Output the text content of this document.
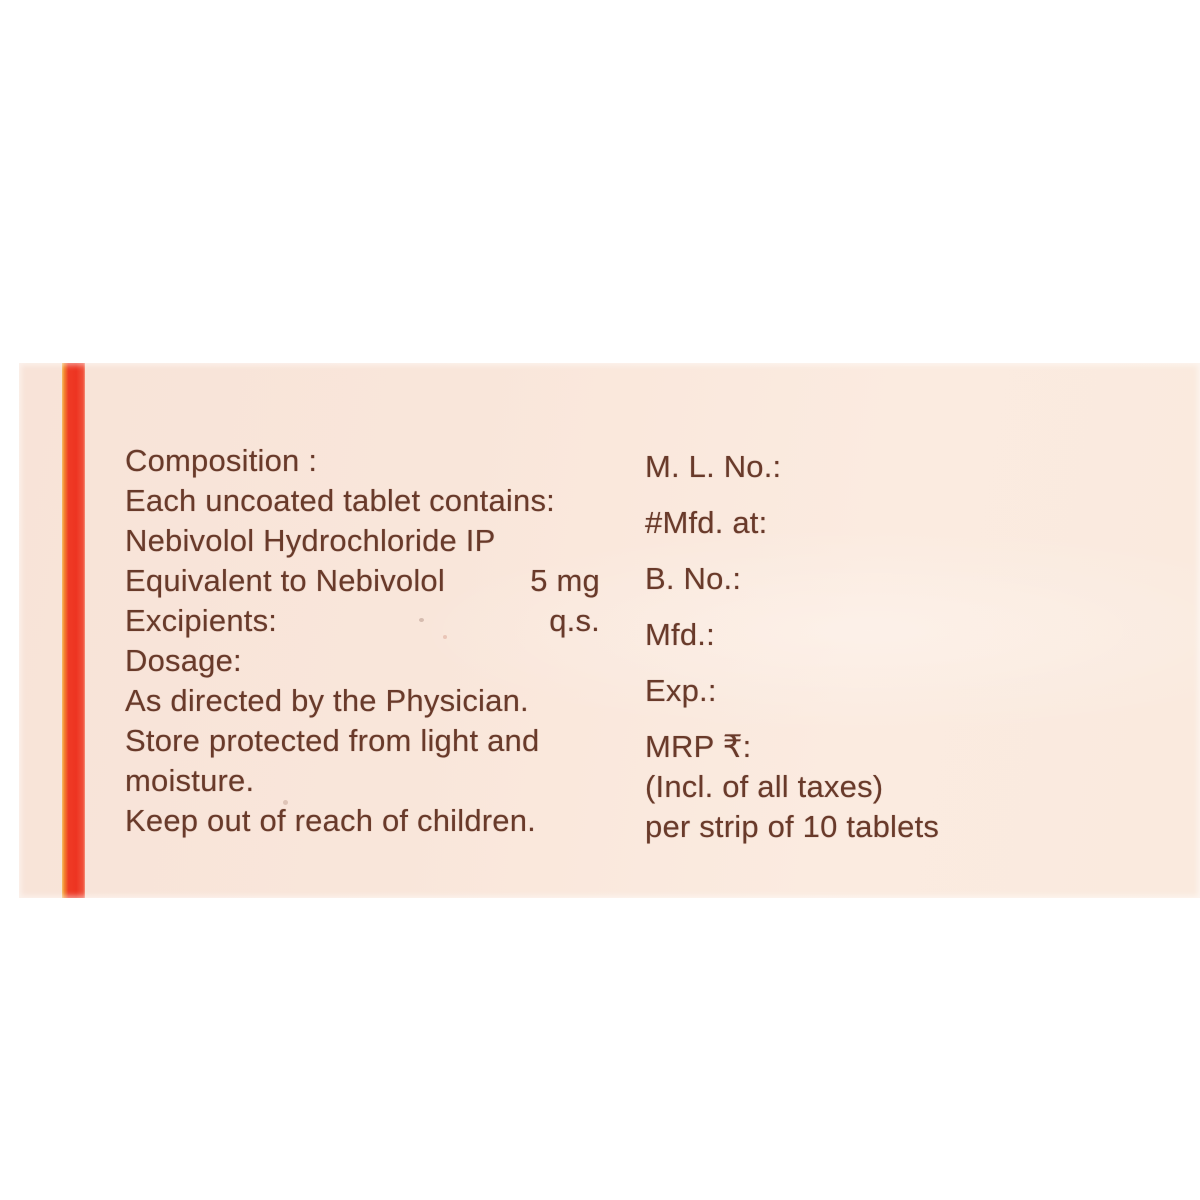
Composition :
Each uncoated tablet contains:
Nebivolol Hydrochloride IP
Equivalent to Nebivolol	5 mg
Excipients:	q.s.
Dosage:
As directed by the Physician.
Store protected from light and
moisture.
Keep out of reach of children.
M. L. No.:
#Mfd. at:
B. No.:
Mfd.:
Exp.:
MRP ₹:
(Incl. of all taxes)
per strip of 10 tablets
